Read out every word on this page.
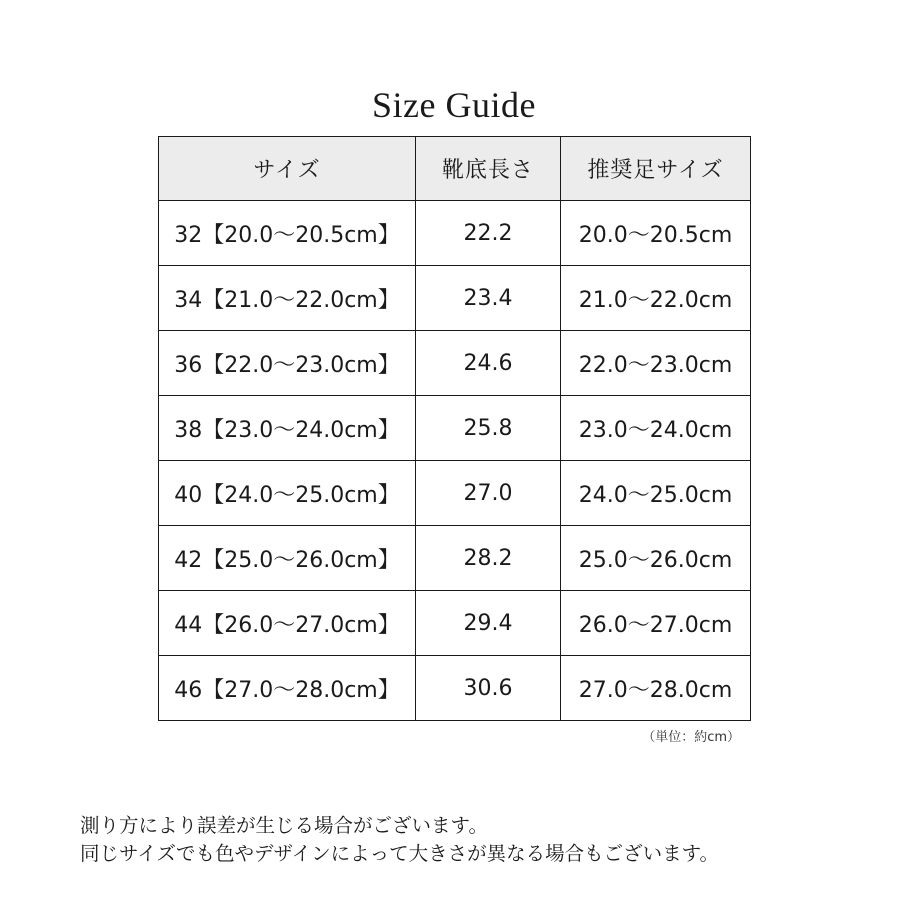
Size Guide
サイズ	靴底長さ	推奨足サイズ
32【20.0〜20.5cm】	22.2	20.0〜20.5cm
34【21.0〜22.0cm】	23.4	21.0〜22.0cm
36【22.0〜23.0cm】	24.6	22.0〜23.0cm
38【23.0〜24.0cm】	25.8	23.0〜24.0cm
40【24.0〜25.0cm】	27.0	24.0〜25.0cm
42【25.0〜26.0cm】	28.2	25.0〜26.0cm
44【26.0〜27.0cm】	29.4	26.0〜27.0cm
46【27.0〜28.0cm】	30.6	27.0〜28.0cm
（単位：約cm）

測り方により誤差が生じる場合がございます。

同じサイズでも色やデザインによって大きさが異なる場合もございます。
